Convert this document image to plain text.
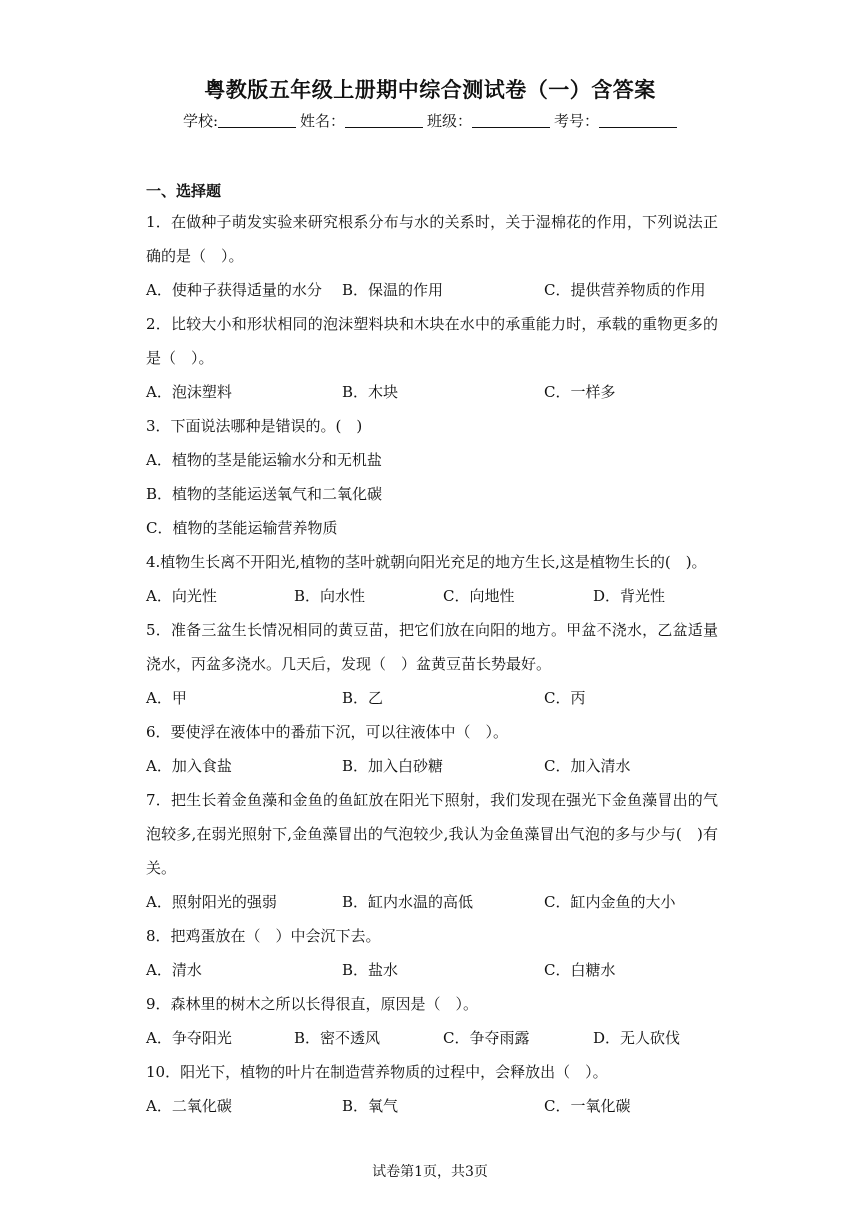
粤教版五年级上册期中综合测试卷（一）含答案
学校:	姓名：	班级：	考号：
一、选择题

1．在做种子萌发实验来研究根系分布与水的关系时，关于湿棉花的作用，下列说法正确的是（　）。

A．使种子获得适量的水分 B．保温的作用	C．提供营养物质的作用

2．比较大小和形状相同的泡沫塑料块和木块在水中的承重能力时，承载的重物更多的是（　）。

A．泡沫塑料	B．木块	C．一样多

3．下面说法哪种是错误的。(　)

A．植物的茎是能运输水分和无机盐
B．植物的茎能运送氧气和二氧化碳
C．植物的茎能运输营养物质

4.植物生长离不开阳光,植物的茎叶就朝向阳光充足的地方生长,这是植物生长的(　)。

A．向光性	B．向水性	C．向地性	D．背光性

5．准备三盆生长情况相同的黄豆苗，把它们放在向阳的地方。甲盆不浇水，乙盆适量浇水，丙盆多浇水。几天后，发现（　）盆黄豆苗长势最好。

A．甲	B．乙	C．丙

6．要使浮在液体中的番茄下沉，可以往液体中（　）。

A．加入食盐	B．加入白砂糖	C．加入清水

7．把生长着金鱼藻和金鱼的鱼缸放在阳光下照射，我们发现在强光下金鱼藻冒出的气泡较多,在弱光照射下,金鱼藻冒出的气泡较少,我认为金鱼藻冒出气泡的多与少与(　)有关。

A．照射阳光的强弱	B．缸内水温的高低	C．缸内金鱼的大小

8．把鸡蛋放在（　）中会沉下去。

A．清水	B．盐水	C．白糖水

9．森林里的树木之所以长得很直，原因是（　）。

A．争夺阳光	B．密不透风	C．争夺雨露	D．无人砍伐

10．阳光下，植物的叶片在制造营养物质的过程中，会释放出（　）。

A．二氧化碳	B．氧气	C．一氧化碳
试卷第1页，共3页
